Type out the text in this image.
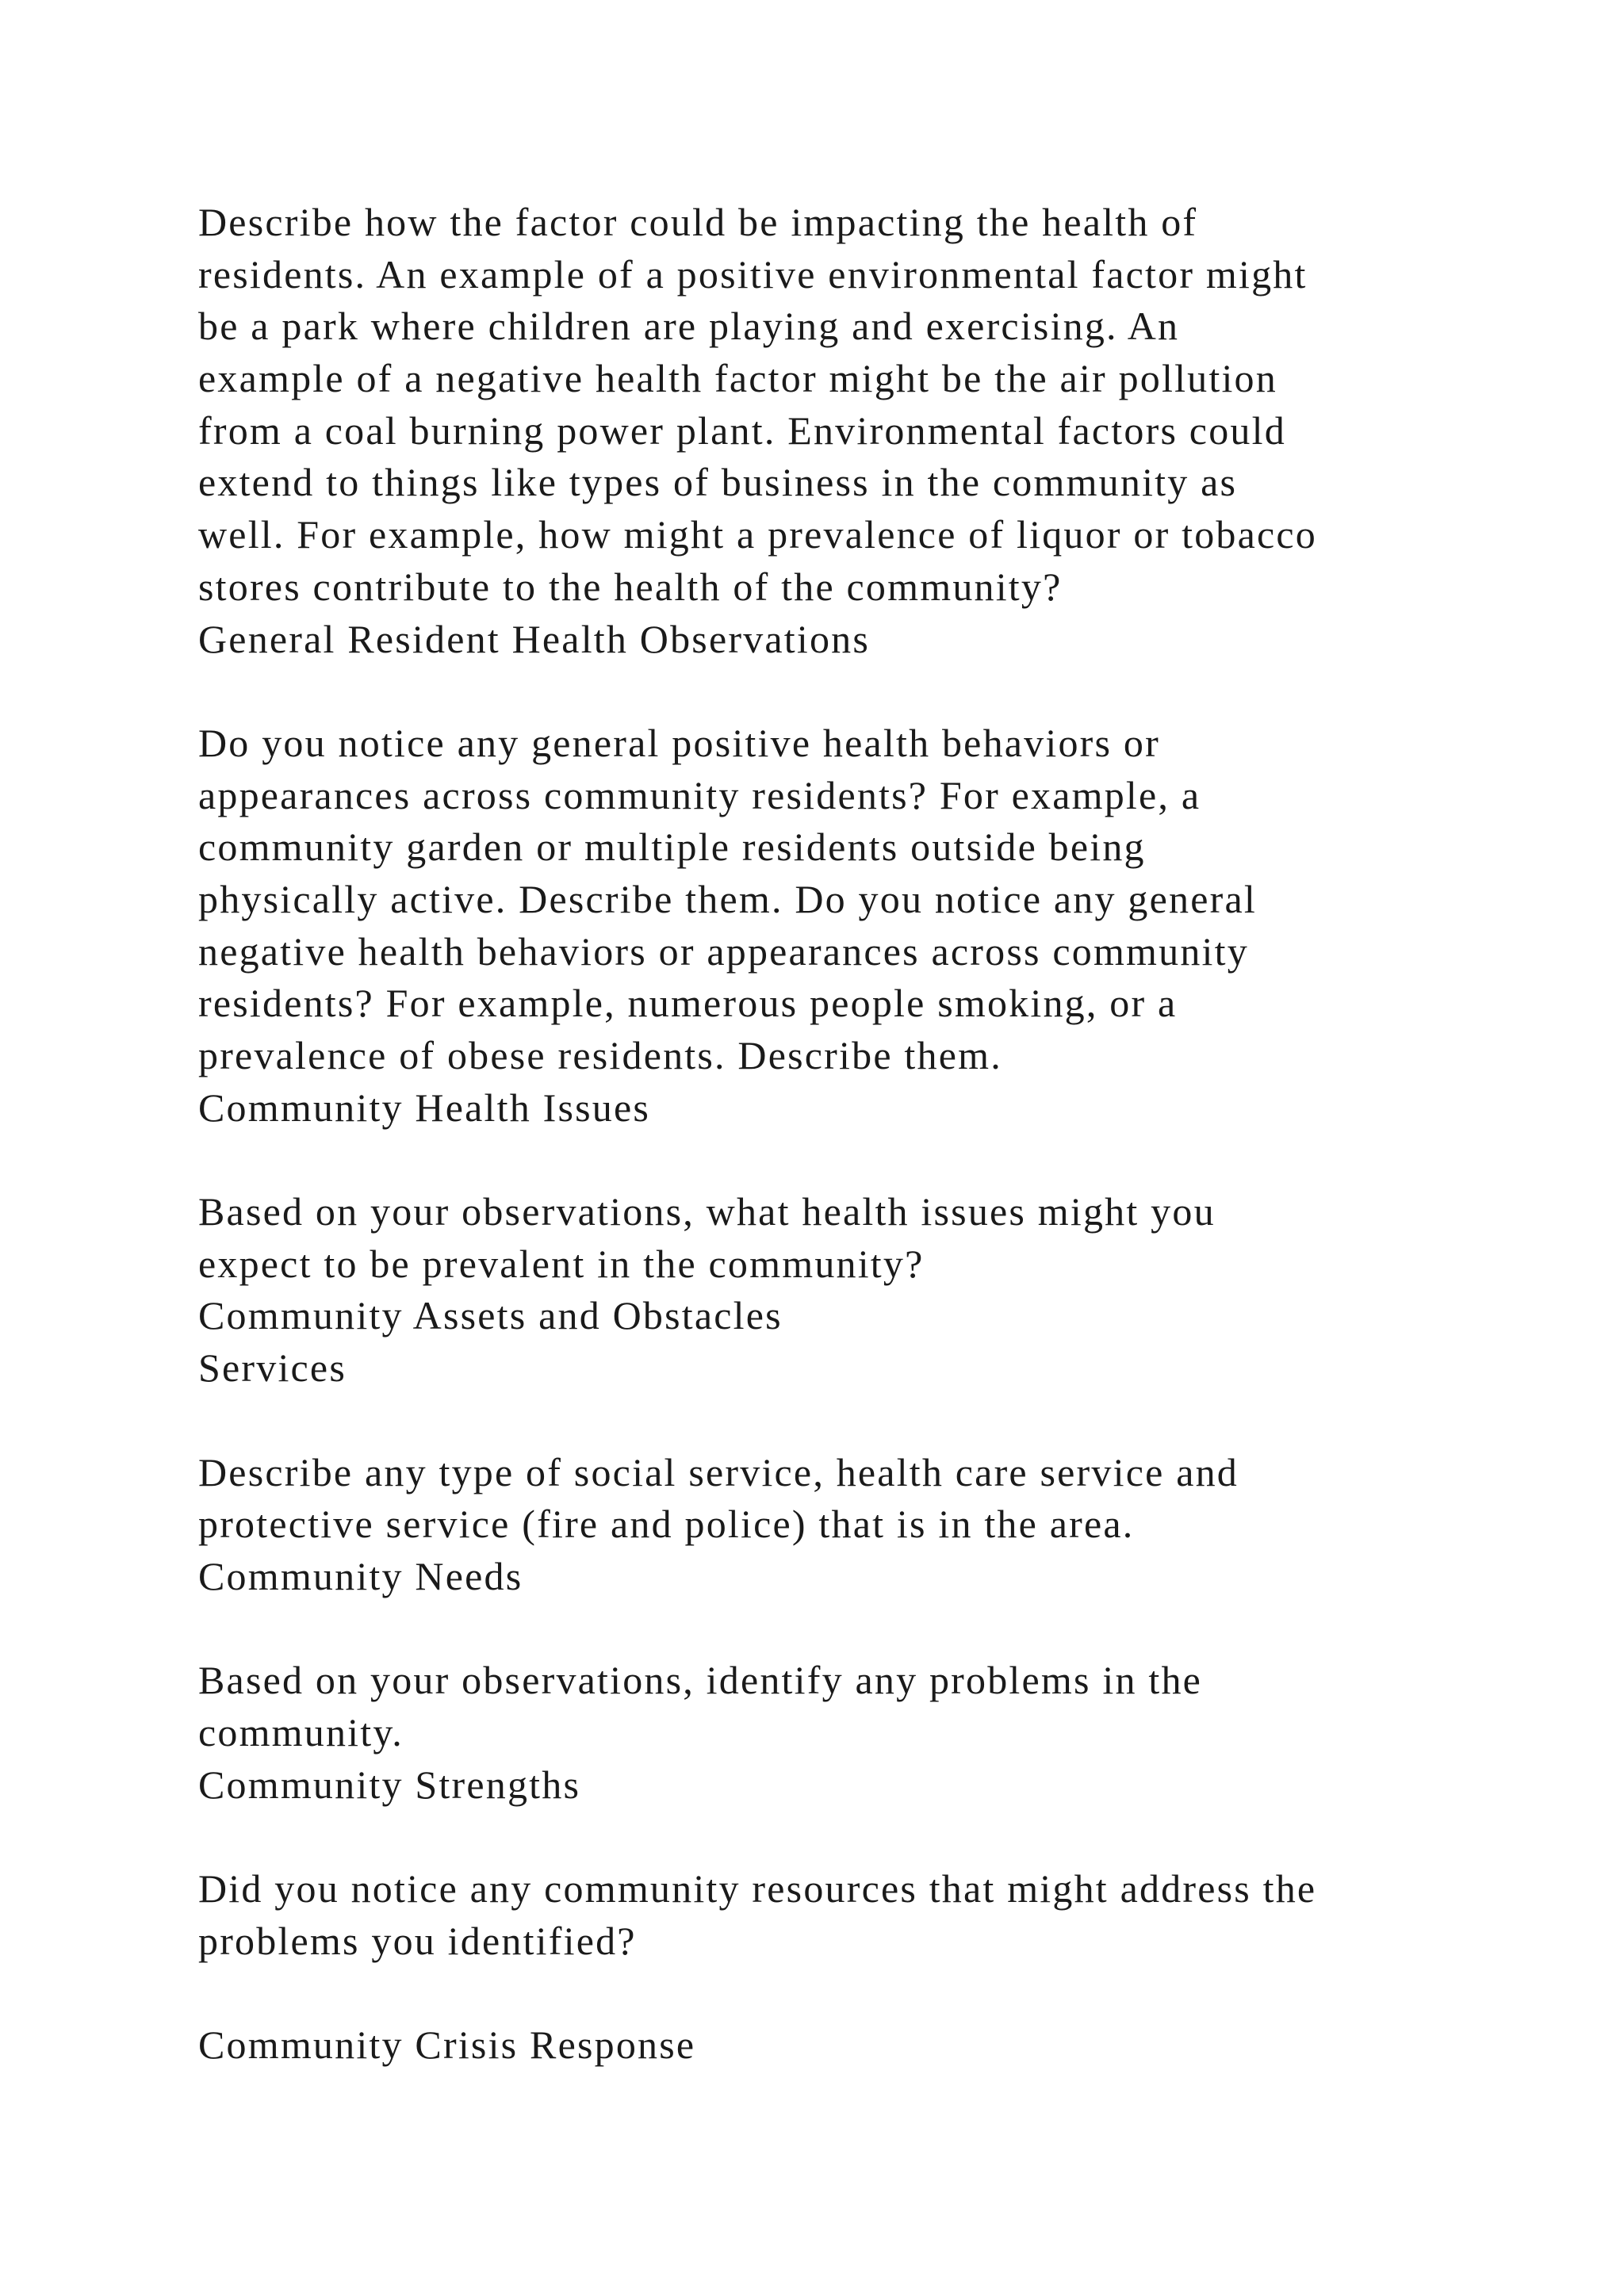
Describe how the factor could be impacting the health of
residents. An example of a positive environmental factor might
be a park where children are playing and exercising. An
example of a negative health factor might be the air pollution
from a coal burning power plant. Environmental factors could
extend to things like types of business in the community as
well. For example, how might a prevalence of liquor or tobacco
stores contribute to the health of the community?
General Resident Health Observations
Do you notice any general positive health behaviors or
appearances across community residents? For example, a
community garden or multiple residents outside being
physically active. Describe them. Do you notice any general
negative health behaviors or appearances across community
residents? For example, numerous people smoking, or a
prevalence of obese residents. Describe them.
Community Health Issues
Based on your observations, what health issues might you
expect to be prevalent in the community?
Community Assets and Obstacles
Services
Describe any type of social service, health care service and
protective service (fire and police) that is in the area.
Community Needs
Based on your observations, identify any problems in the
community.
Community Strengths
Did you notice any community resources that might address the
problems you identified?
Community Crisis Response
